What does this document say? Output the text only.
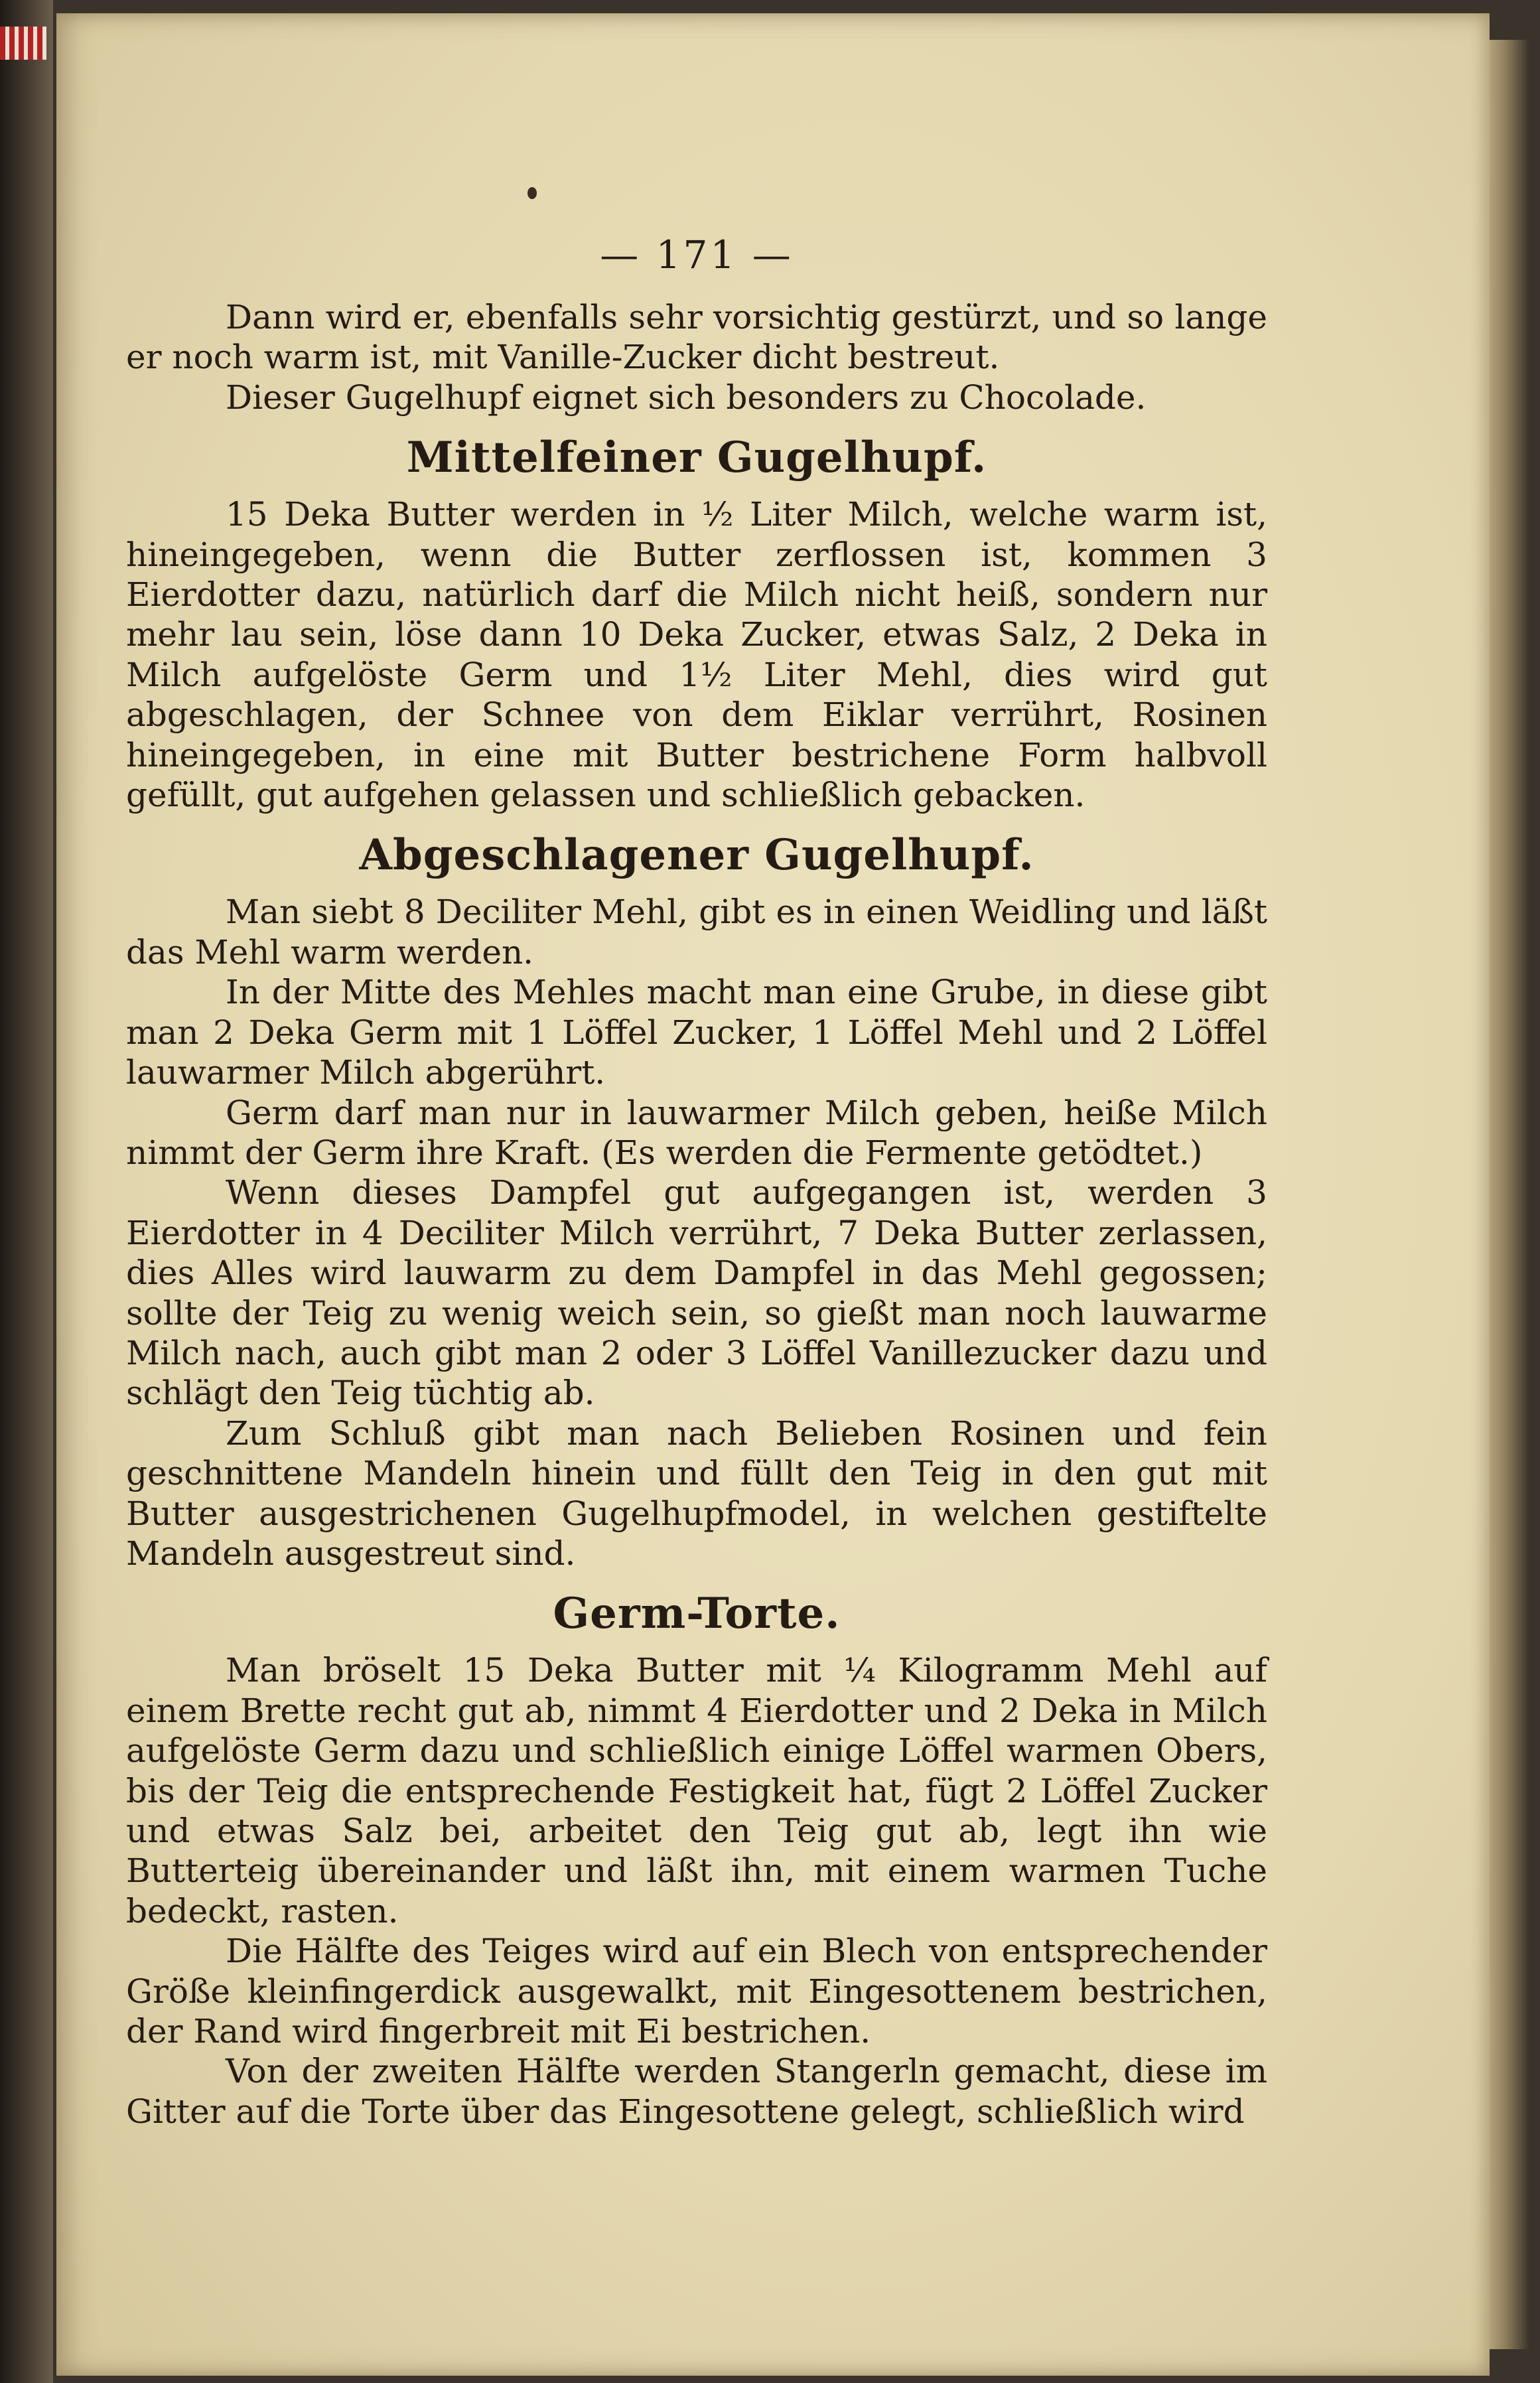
— 171 —

Dann wird er, ebenfalls sehr vorsichtig gestürzt, und so lange er noch warm ist, mit Vanille-Zucker dicht bestreut.

Dieser Gugelhupf eignet sich besonders zu Chocolade.

Mittelfeiner Gugelhupf.

15 Deka Butter werden in ½ Liter Milch, welche warm ist, hineingegeben, wenn die Butter zerflossen ist, kommen 3 Eierdotter dazu, natürlich darf die Milch nicht heiß, sondern nur mehr lau sein, löse dann 10 Deka Zucker, etwas Salz, 2 Deka in Milch aufgelöste Germ und 1½ Liter Mehl, dies wird gut abgeschlagen, der Schnee von dem Eiklar verrührt, Rosinen hineingegeben, in eine mit Butter bestrichene Form halbvoll gefüllt, gut aufgehen gelassen und schließlich gebacken.

Abgeschlagener Gugelhupf.

Man siebt 8 Deciliter Mehl, gibt es in einen Weidling und läßt das Mehl warm werden.

In der Mitte des Mehles macht man eine Grube, in diese gibt man 2 Deka Germ mit 1 Löffel Zucker, 1 Löffel Mehl und 2 Löffel lauwarmer Milch abgerührt.

Germ darf man nur in lauwarmer Milch geben, heiße Milch nimmt der Germ ihre Kraft. (Es werden die Fermente getödtet.)

Wenn dieses Dampfel gut aufgegangen ist, werden 3 Eierdotter in 4 Deciliter Milch verrührt, 7 Deka Butter zerlassen, dies Alles wird lauwarm zu dem Dampfel in das Mehl gegossen; sollte der Teig zu wenig weich sein, so gießt man noch lauwarme Milch nach, auch gibt man 2 oder 3 Löffel Vanillezucker dazu und schlägt den Teig tüchtig ab.

Zum Schluß gibt man nach Belieben Rosinen und fein geschnittene Mandeln hinein und füllt den Teig in den gut mit Butter ausgestrichenen Gugelhupfmodel, in welchen gestiftelte Mandeln ausgestreut sind.

Germ-Torte.

Man bröselt 15 Deka Butter mit ¼ Kilogramm Mehl auf einem Brette recht gut ab, nimmt 4 Eierdotter und 2 Deka in Milch aufgelöste Germ dazu und schließlich einige Löffel warmen Obers, bis der Teig die entsprechende Festigkeit hat, fügt 2 Löffel Zucker und etwas Salz bei, arbeitet den Teig gut ab, legt ihn wie Butterteig übereinander und läßt ihn, mit einem warmen Tuche bedeckt, rasten.

Die Hälfte des Teiges wird auf ein Blech von entsprechender Größe kleinfingerdick ausgewalkt, mit Eingesottenem bestrichen, der Rand wird fingerbreit mit Ei bestrichen.

Von der zweiten Hälfte werden Stangerln gemacht, diese im Gitter auf die Torte über das Eingesottene gelegt, schließlich wird
